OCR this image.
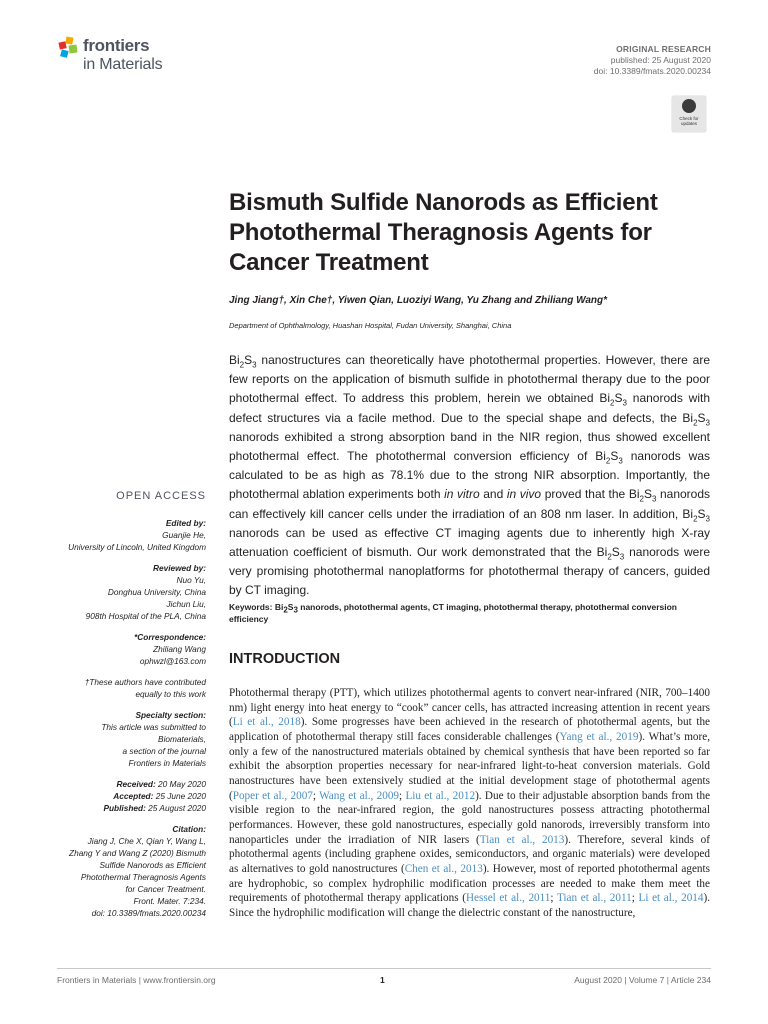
frontiers
in Materials
ORIGINAL RESEARCH
published: 25 August 2020
doi: 10.3389/fmats.2020.00234
Check for updates
Bismuth Sulfide Nanorods as Efficient Photothermal Theragnosis Agents for Cancer Treatment
Jing Jiang†, Xin Che†, Yiwen Qian, Luoziyi Wang, Yu Zhang and Zhiliang Wang*
Department of Ophthalmology, Huashan Hospital, Fudan University, Shanghai, China
$Bi_2S_3$ nanostructures can theoretically have photothermal properties. However, there are few reports on the application of bismuth sulfide in photothermal therapy due to the poor photothermal effect. To address this problem, herein we obtained $Bi_2S_3$ nanorods with defect structures via a facile method. Due to the special shape and defects, the $Bi_2S_3$ nanorods exhibited a strong absorption band in the NIR region, thus showed excellent photothermal effect. The photothermal conversion efficiency of $Bi_2S_3$ nanorods was calculated to be as high as 78.1% due to the strong NIR absorption. Importantly, the photothermal ablation experiments both in vitro and in vivo proved that the $Bi_2S_3$ nanorods can effectively kill cancer cells under the irradiation of an 808 nm laser. In addition, $Bi_2S_3$ nanorods can be used as effective CT imaging agents due to inherently high X-ray attenuation coefficient of bismuth. Our work demonstrated that the $Bi_2S_3$ nanorods were very promising photothermal nanoplatforms for photothermal therapy of cancers, guided by CT imaging.
Keywords: $Bi_2S_3$ nanorods, photothermal agents, CT imaging, photothermal therapy, photothermal conversion efficiency
INTRODUCTION
Photothermal therapy (PTT), which utilizes photothermal agents to convert near-infrared (NIR, 700–1400 nm) light energy into heat energy to “cook” cancer cells, has attracted increasing attention in recent years (Li et al., 2018). Some progresses have been achieved in the research of photothermal agents, but the application of photothermal therapy still faces considerable challenges (Yang et al., 2019). What’s more, only a few of the nanostructured materials obtained by chemical synthesis that have been reported so far exhibit the absorption properties necessary for near-infrared light-to-heat conversion materials. Gold nanostructures have been extensively studied at the initial development stage of photothermal agents (Poper et al., 2007; Wang et al., 2009; Liu et al., 2012). Due to their adjustable absorption bands from the visible region to the near-infrared region, the gold nanostructures possess attracting photothermal performances. However, these gold nanostructures, especially gold nanorods, irreversibly transform into nanoparticles under the irradiation of NIR lasers (Tian et al., 2013). Therefore, several kinds of photothermal agents (including graphene oxides, semiconductors, and organic materials) were developed as alternatives to gold nanostructures (Chen et al., 2013). However, most of reported photothermal agents are hydrophobic, so complex hydrophilic modification processes are needed to make them meet the requirements of photothermal therapy applications (Hessel et al., 2011; Tian et al., 2011; Li et al., 2014). Since the hydrophilic modification will change the dielectric constant of the nanostructure,
OPEN ACCESS
Edited by:
Guanjie He,
University of Lincoln, United Kingdom
Reviewed by:
Nuo Yu,
Donghua University, China
Jichun Liu,
908th Hospital of the PLA, China
*Correspondence:
Zhiliang Wang
ophwzl@163.com
†These authors have contributed
equally to this work
Specialty section:
This article was submitted to
Biomaterials,
a section of the journal
Frontiers in Materials
Received: 20 May 2020
Accepted: 25 June 2020
Published: 25 August 2020
Citation:
Jiang J, Che X, Qian Y, Wang L,
Zhang Y and Wang Z (2020) Bismuth
Sulfide Nanorods as Efficient
Photothermal Theragnosis Agents
for Cancer Treatment.
Front. Mater. 7:234.
doi: 10.3389/fmats.2020.00234
Frontiers in Materials | www.frontiersin.org	1	August 2020 | Volume 7 | Article 234
